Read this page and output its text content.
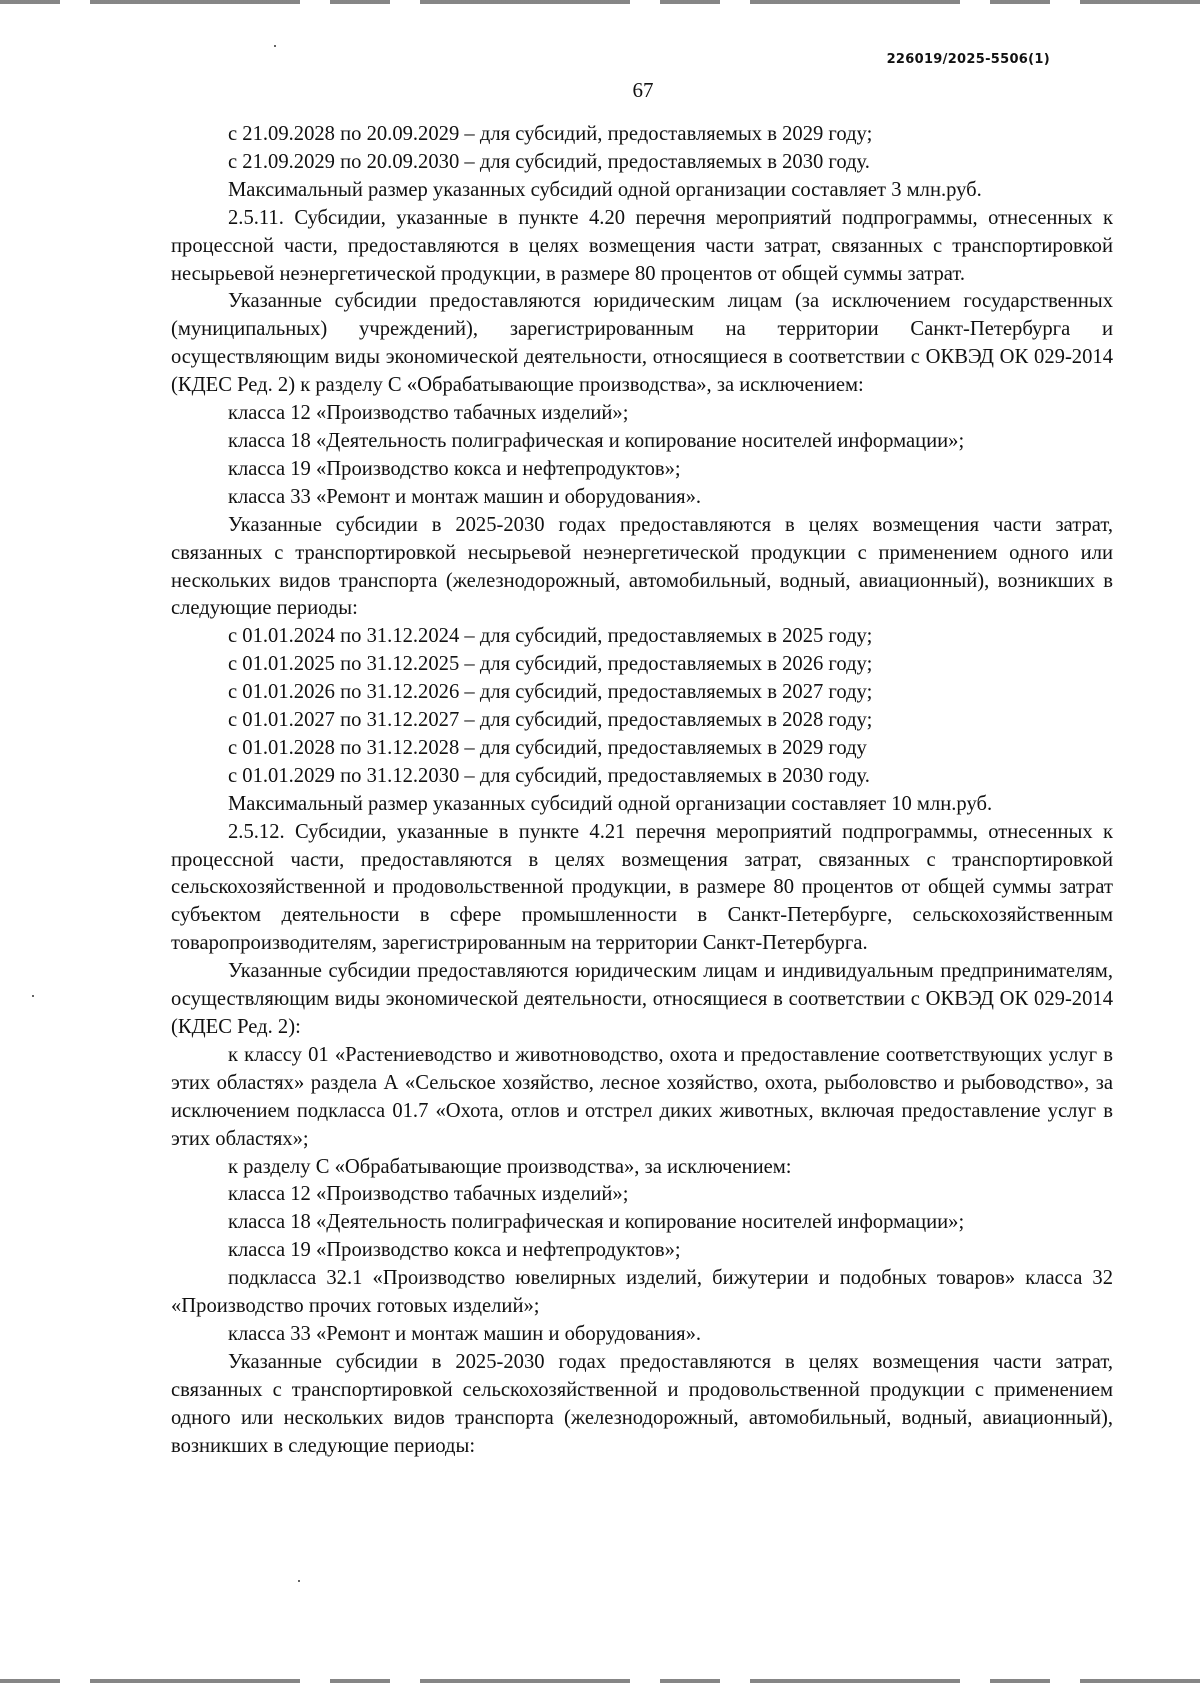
226019/2025-5506(1)
67

с 21.09.2028 по 20.09.2029 – для субсидий, предоставляемых в 2029 году;

с 21.09.2029 по 20.09.2030 – для субсидий, предоставляемых в 2030 году.

Максимальный размер указанных субсидий одной организации составляет 3 млн.руб.

2.5.11. Субсидии, указанные в пункте 4.20 перечня мероприятий подпрограммы, отнесенных к процессной части, предоставляются в целях возмещения части затрат, связанных с транспортировкой несырьевой неэнергетической продукции, в размере 80 процентов от общей суммы затрат.

Указанные субсидии предоставляются юридическим лицам (за исключением государственных (муниципальных) учреждений), зарегистрированным на территории Санкт-Петербурга и осуществляющим виды экономической деятельности, относящиеся в соответствии с ОКВЭД ОК 029-2014 (КДЕС Ред. 2) к разделу С «Обрабатывающие производства», за исключением:

класса 12 «Производство табачных изделий»;

класса 18 «Деятельность полиграфическая и копирование носителей информации»;

класса 19 «Производство кокса и нефтепродуктов»;

класса 33 «Ремонт и монтаж машин и оборудования».

Указанные субсидии в 2025-2030 годах предоставляются в целях возмещения части затрат, связанных с транспортировкой несырьевой неэнергетической продукции с применением одного или нескольких видов транспорта (железнодорожный, автомобильный, водный, авиационный), возникших в следующие периоды:

с 01.01.2024 по 31.12.2024 – для субсидий, предоставляемых в 2025 году;

с 01.01.2025 по 31.12.2025 – для субсидий, предоставляемых в 2026 году;

с 01.01.2026 по 31.12.2026 – для субсидий, предоставляемых в 2027 году;

с 01.01.2027 по 31.12.2027 – для субсидий, предоставляемых в 2028 году;

с 01.01.2028 по 31.12.2028 – для субсидий, предоставляемых в 2029 году

с 01.01.2029 по 31.12.2030 – для субсидий, предоставляемых в 2030 году.

Максимальный размер указанных субсидий одной организации составляет 10 млн.руб.

2.5.12. Субсидии, указанные в пункте 4.21 перечня мероприятий подпрограммы, отнесенных к процессной части, предоставляются в целях возмещения затрат, связанных с транспортировкой сельскохозяйственной и продовольственной продукции, в размере 80 процентов от общей суммы затрат субъектом деятельности в сфере промышленности в Санкт-Петербурге, сельскохозяйственным товаропроизводителям, зарегистрированным на территории Санкт-Петербурга.

Указанные субсидии предоставляются юридическим лицам и индивидуальным предпринимателям, осуществляющим виды экономической деятельности, относящиеся в соответствии с ОКВЭД ОК 029-2014 (КДЕС Ред. 2):

к классу 01 «Растениеводство и животноводство, охота и предоставление соответствующих услуг в этих областях» раздела А «Сельское хозяйство, лесное хозяйство, охота, рыболовство и рыбоводство», за исключением подкласса 01.7 «Охота, отлов и отстрел диких животных, включая предоставление услуг в этих областях»;

к разделу С «Обрабатывающие производства», за исключением:

класса 12 «Производство табачных изделий»;

класса 18 «Деятельность полиграфическая и копирование носителей информации»;

класса 19 «Производство кокса и нефтепродуктов»;

подкласса 32.1 «Производство ювелирных изделий, бижутерии и подобных товаров» класса 32 «Производство прочих готовых изделий»;

класса 33 «Ремонт и монтаж машин и оборудования».

Указанные субсидии в 2025-2030 годах предоставляются в целях возмещения части затрат, связанных с транспортировкой сельскохозяйственной и продовольственной продукции с применением одного или нескольких видов транспорта (железнодорожный, автомобильный, водный, авиационный), возникших в следующие периоды:
